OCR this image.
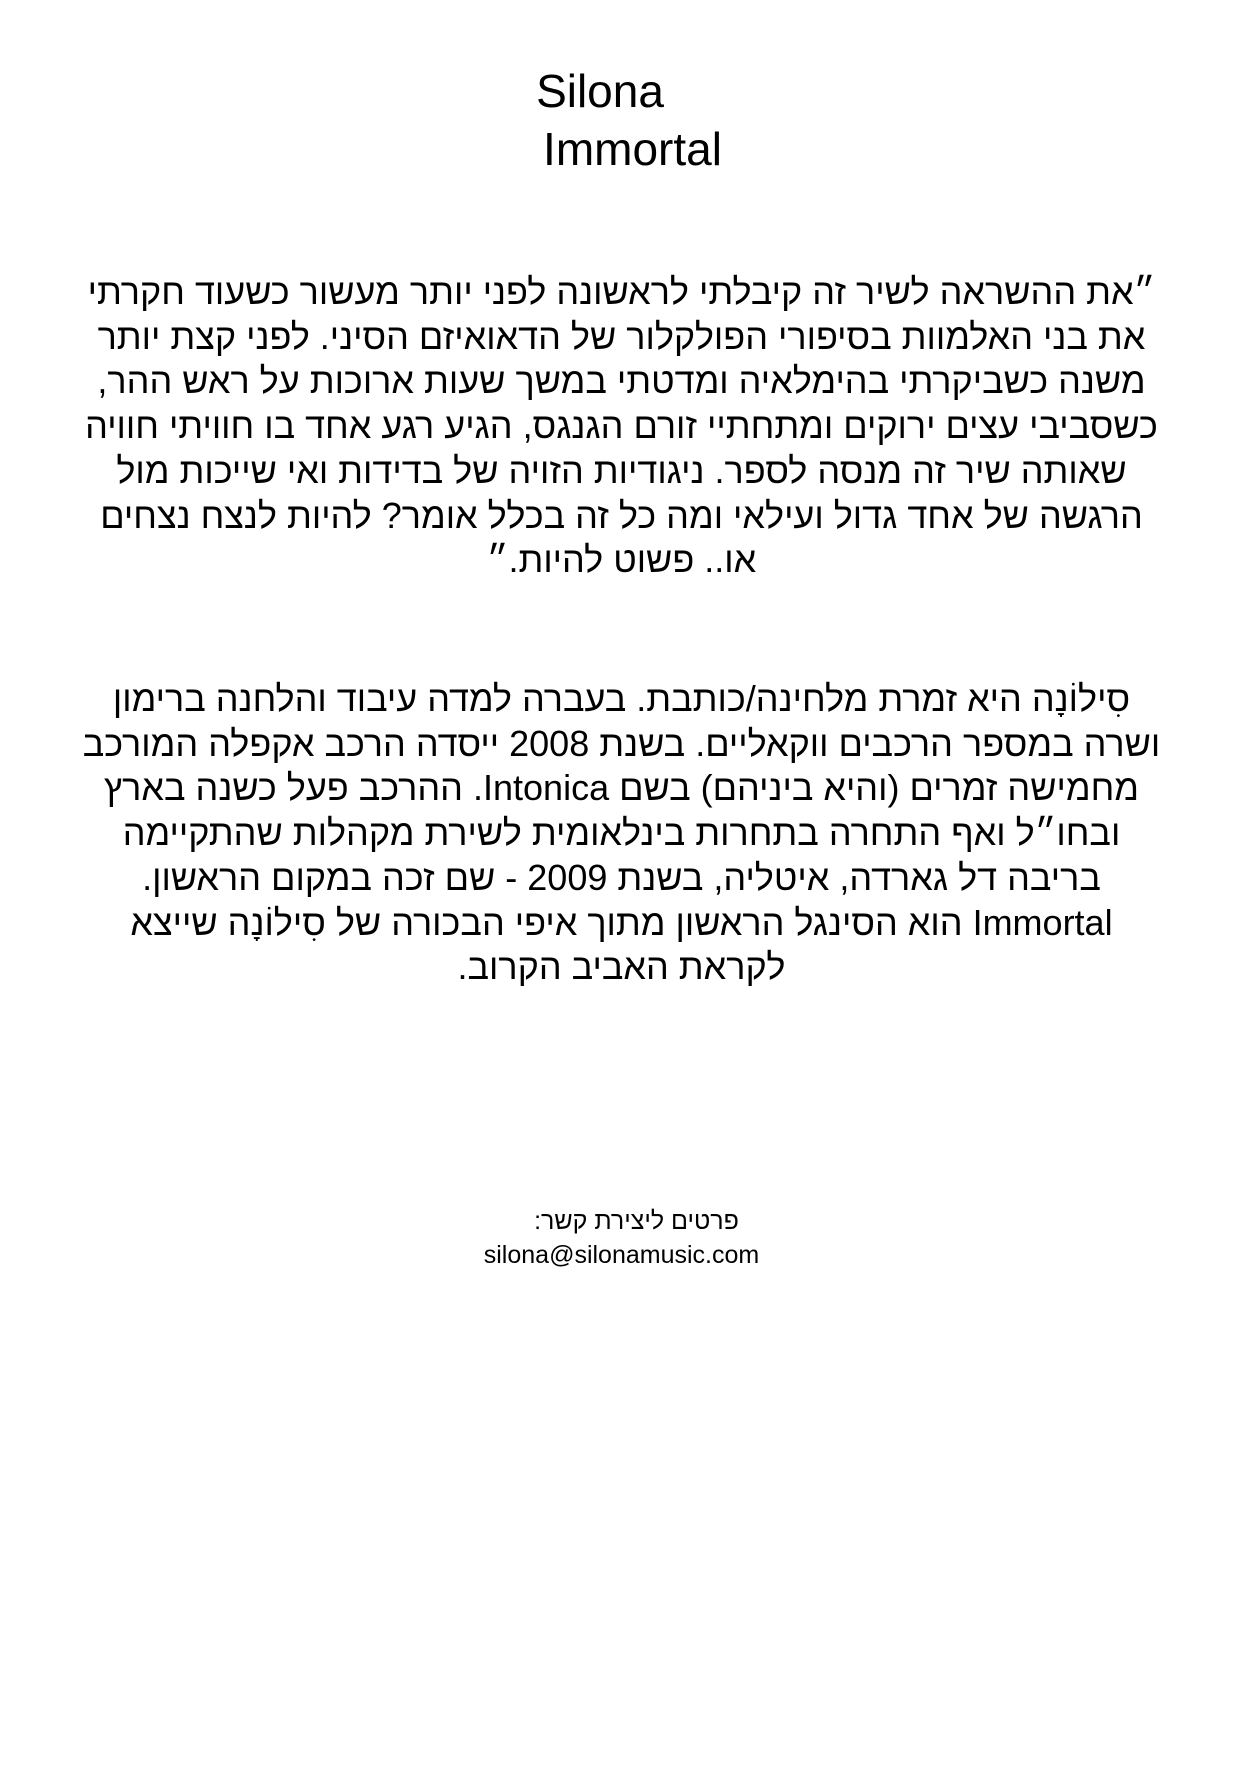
Silona
Immortal
״את ההשראה לשיר זה קיבלתי לראשונה לפני יותר מעשור כשעוד חקרתי
את בני האלמוות בסיפורי הפולקלור של הדאואיזם הסיני. לפני קצת יותר
משנה כשביקרתי בהימלאיה ומדטתי במשך שעות ארוכות על ראש ההר,
כשסביבי עצים ירוקים ומתחתיי זורם הגנגס, הגיע רגע אחד בו חוויתי חוויה
שאותה שיר זה מנסה לספר. ניגודיות הזויה של בדידות ואי שייכות מול
הרגשה של אחד גדול ועילאי ומה כל זה בכלל אומר? להיות לנצח נצחים
או.. פשוט להיות.״
סִילוֹנָה היא זמרת מלחינה/כותבת. בעברה למדה עיבוד והלחנה ברימון
ושרה במספר הרכבים ווקאליים. בשנת 2008 ייסדה הרכב אקפלה המורכב
מחמישה זמרים (והיא ביניהם) בשם Intonica. ההרכב פעל כשנה בארץ
ובחו״ל ואף התחרה בתחרות בינלאומית לשירת מקהלות שהתקיימה
בריבה דל גארדה, איטליה, בשנת 2009 - שם זכה במקום הראשון.
Immortal הוא הסינגל הראשון מתוך איפי הבכורה של סִילוֹנָה שייצא
לקראת האביב הקרוב.
פרטים ליצירת קשר:
silona@silonamusic.com
